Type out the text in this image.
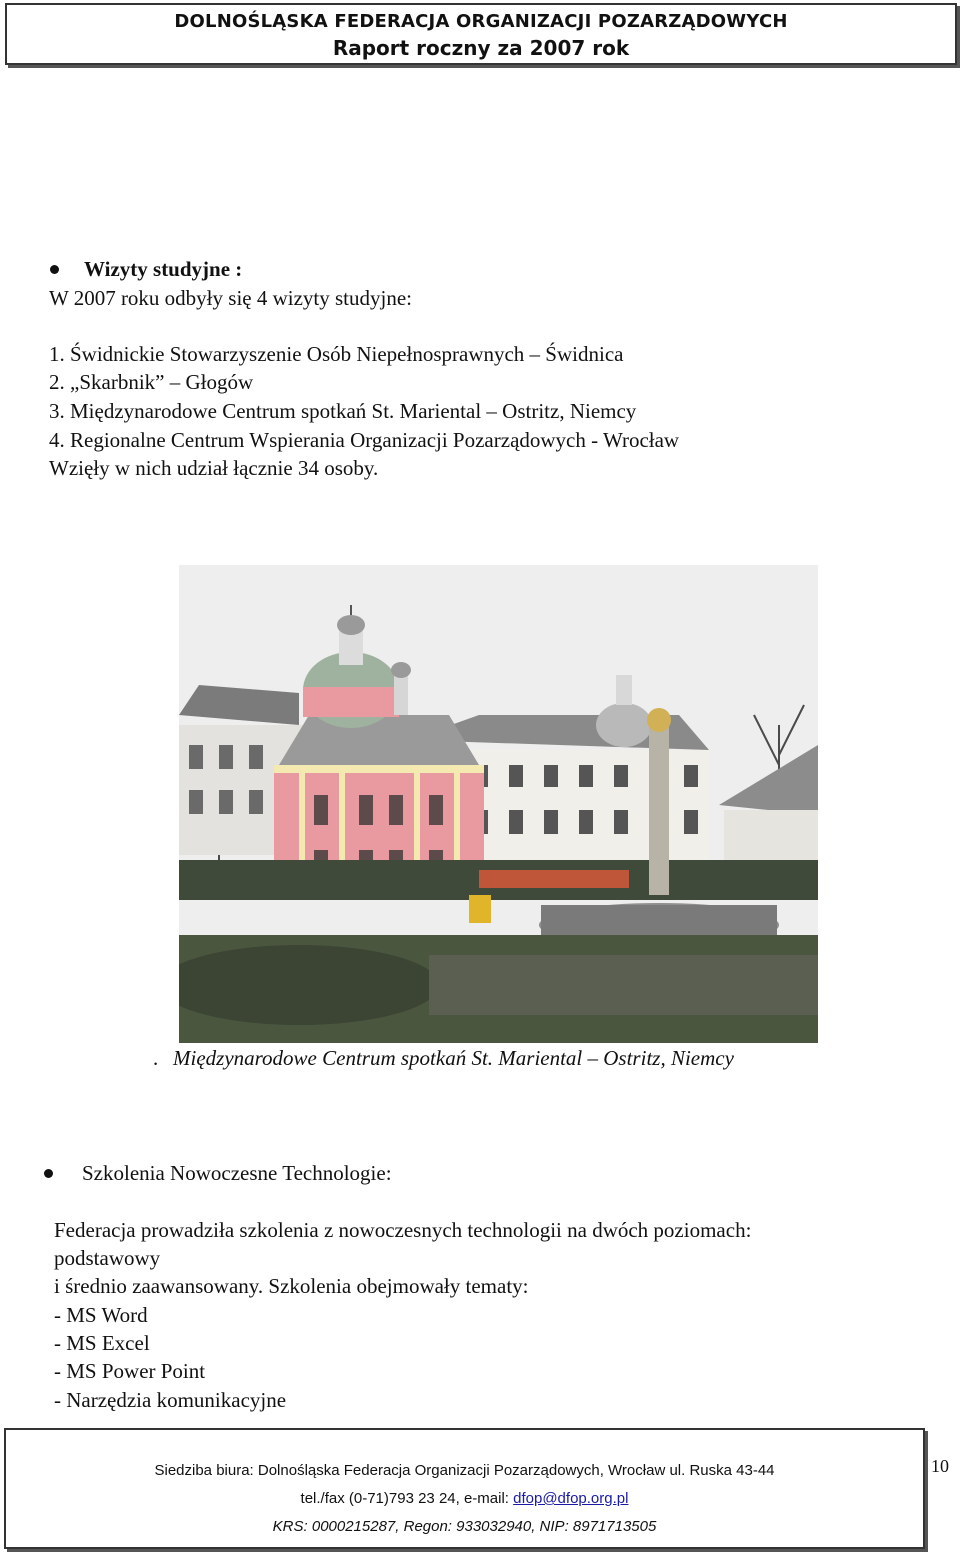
DOLNOŚLĄSKA FEDERACJA ORGANIZACJI POZARZĄDOWYCH
Raport roczny za 2007 rok
Wizyty studyjne :
W 2007 roku odbyły się 4 wizyty studyjne:
1. Świdnickie Stowarzyszenie Osób Niepełnosprawnych – Świdnica
2. „Skarbnik” – Głogów
3. Międzynarodowe Centrum spotkań St. Mariental – Ostritz, Niemcy
4. Regionalne Centrum Wspierania Organizacji Pozarządowych - Wrocław
Wzięły w nich udział łącznie 34 osoby.
. Międzynarodowe Centrum spotkań St. Mariental – Ostritz, Niemcy
Szkolenia Nowoczesne Technologie:
Federacja prowadziła szkolenia z nowoczesnych technologii na dwóch poziomach:
podstawowy
i średnio zaawansowany. Szkolenia obejmowały tematy:
- MS Word
- MS Excel
- MS Power Point
- Narzędzia komunikacyjne
Siedziba biura: Dolnośląska Federacja Organizacji Pozarządowych, Wrocław ul. Ruska 43-44
tel./fax (0-71)793 23 24, e-mail: dfop@dfop.org.pl
KRS: 0000215287, Regon: 933032940, NIP: 8971713505
10
